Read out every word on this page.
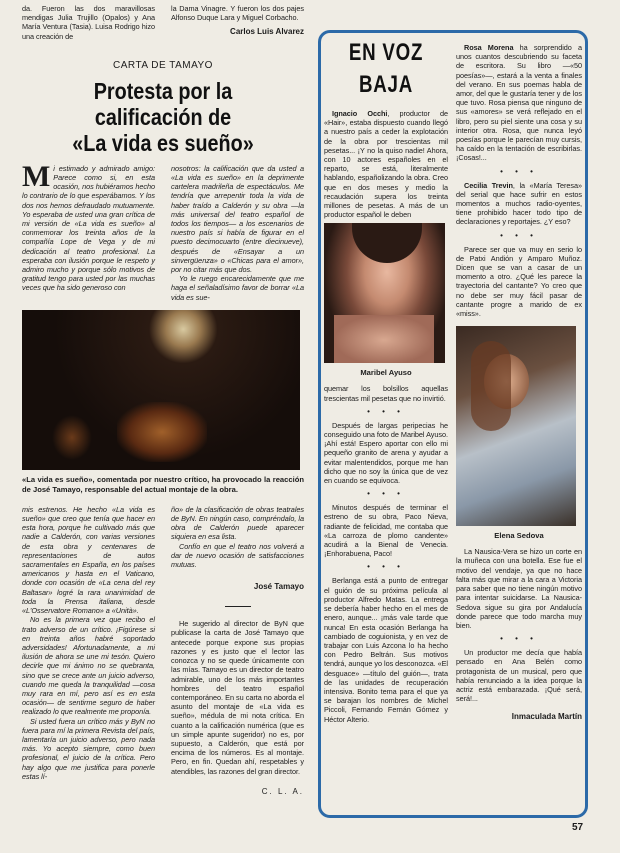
da. Fueron las dos maravillosas mendigas Julia Trujillo (Opalos) y Ana María Ventura (Tasia). Luisa Rodrigo hizo una creación de

la Dama Vinagre. Y fueron los dos pajes Alfonso Duque Lara y Miguel Corbacho.

Carlos Luis Alvarez
CARTA DE TAMAYO
Protesta por la calificación de
«La vida es sueño»
Mi estimado y admirado amigo: Parece como si, en esta ocasión, nos hubiéramos hecho lo contrario de lo que esperábamos. Y los dos nos hemos defraudado mutuamente. Yo esperaba de usted una gran crítica de mi versión de «La vida es sueño» al conmemorar los treinta años de la compañía Lope de Vega y de mi dedicación al teatro profesional. La esperaba con ilusión porque le respeto y admiro mucho y porque sólo motivos de gratitud tengo para usted por las muchas veces que ha sido generoso con

nosotros: la calificación que da usted a «La vida es sueño» en la deprimente cartelera madrileña de espectáculos. Me tendría que arrepentir toda la vida de haber traído a Calderón y su obra —la más universal del teatro español de todos los tiempos— a los escenarios de nuestro país si había de figurar en el puesto decimocuarto (entre diecinueve), después de «Ensayar a un sinvergüenza» o «Chicas para el amor», por no citar más que dos.

Yo le ruego encarecidamente que me haga el señaladísimo favor de borrar «La vida es sue-

«La vida es sueño», comentada por nuestro crítico, ha provocado la reacción de José Tamayo, responsable del actual montaje de la obra.

mis estrenos. He hecho «La vida es sueño» que creo que tenía que hacer en esta hora, porque he cultivado más que nadie a Calderón, con varias versiones de esta obra y centenares de representaciones de autos sacramentales en España, en los países americanos y hasta en el Vaticano, donde con ocasión de «La cena del rey Baltasar» logré la rara unanimidad de toda la Prensa italiana, desde «L'Osservatore Romano» a «Unità».

No es la primera vez que recibo el trato adverso de un crítico. ¡Figúrese si en treinta años habré soportado adversidades! Afortunadamente, a mi ilusión de ahora se une mi tesón. Quiero decirle que mi ánimo no se quebranta, sino que se crece ante un juicio adverso, cuando me queda la tranquilidad —cosa muy rara en mí, pero así es en esta ocasión— de sentirme seguro de haber realizado lo que realmente me proponía.

Si usted fuera un crítico más y ByN no fuera para mí la primera Revista del país, lamentaría un juicio adverso, pero nada más. Yo acepto siempre, como buen profesional, el juicio de la crítica. Pero hay algo que me justifica para ponerle estas lí-

ño» de la clasificación de obras teatrales de ByN. En ningún caso, compréndalo, la obra de Calderón puede aparecer siquiera en esa lista.

Confío en que el teatro nos volverá a dar de nuevo ocasión de satisfacciones mutuas.

José Tamayo

He sugerido al director de ByN que publicase la carta de José Tamayo que antecede porque expone sus propias razones y es justo que el lector las conozca y no se quede únicamente con las mías. Tamayo es un director de teatro admirable, uno de los más importantes hombres del teatro español contemporáneo. En su carta no aborda el asunto del montaje de «La vida es sueño», médula de mi nota crítica. En cuanto a la calificación numérica (que es un simple apunte sugeridor) no es, por supuesto, a Calderón, que está por encima de los números. Es al montaje. Pero, en fin. Quedan ahí, respetables y atendibles, las razones del gran director.

C. L. A.
EN VOZ BAJA

Ignacio Occhi, productor de «Hair», estaba dispuesto cuando llegó a nuestro país a ceder la explotación de la obra por trescientas mil pesetas... ¡Y no la quiso nadie! Ahora, con 10 actores españoles en el reparto, se está, literalmente hablando, españolizando la obra. Creo que en dos meses y medio la recaudación supera los treinta millones de pesetas. A más de un productor español le deben

Maribel Ayuso

quemar los bolsillos aquellas trescientas mil pesetas que no invirtió.

• • •

Después de largas peripecias he conseguido una foto de Maribel Ayuso. ¡Ahí está! Espero aportar con ello mi pequeño granito de arena y ayudar a evitar malentendidos, porque me han dicho que no soy la única que de vez en cuando se equivoca.

• • •

Minutos después de terminar el estreno de su obra, Paco Nieva, radiante de felicidad, me contaba que «La carroza de plomo candente» acudirá a la Bienal de Venecia. ¡Enhorabuena, Paco!

• • •

Berlanga está a punto de entregar el guión de su próxima película al productor Alfredo Matas. La entrega se debería haber hecho en el mes de enero, aunque... ¡más vale tarde que nunca! En esta ocasión Berlanga ha cambiado de coguionista, y en vez de trabajar con Luis Azcona lo ha hecho con Pedro Beltrán. Sus motivos tendrá, aunque yo los desconozca. «El desguace» —título del guión—, trata de las unidades de recuperación intensiva. Bonito tema para el que ya se barajan los nombres de Michel Piccoli, Fernando Fernán Gómez y Héctor Alterio.

Rosa Morena ha sorprendido a unos cuantos descubriendo su faceta de escritora. Su libro —«50 poesías»—, estará a la venta a finales del verano. En sus poemas habla de amor, del que le gustaría tener y de los que tuvo. Rosa piensa que ninguno de sus «amores» se verá reflejado en el libro, pero su piel siente una cosa y su interior otra. Rosa, que nunca leyó poesías porque le parecían muy cursis, ha caído en la tentación de escribirlas. ¡Cosas!...

• • •

Cecilia Trevin, la «María Teresa» del serial que hace sufrir en estos momentos a muchos radio-oyentes, tiene prohibido hacer todo tipo de declaraciones y reportajes. ¿Y eso?

• • •

Parece ser que va muy en serio lo de Patxi Andión y Amparo Muñoz. Dicen que se van a casar de un momento a otro. ¿Qué les parece la trayectoria del cantante? Yo creo que no debe ser muy fácil pasar de cantante progre a marido de ex «miss».

Elena Sedova

La Nausica-Vera se hizo un corte en la muñeca con una botella. Ese fue el motivo del vendaje, ya que no hace falta más que mirar a la cara a Victoria para saber que no tiene ningún motivo para intentar suicidarse. La Nausica-Sedova sigue su gira por Andalucía donde parece que todo marcha muy bien.

• • •

Un productor me decía que había pensado en Ana Belén como protagonista de un musical, pero que había renunciado a la idea porque la actriz está embarazada. ¡Qué será, será!...

Inmaculada Martín
57
